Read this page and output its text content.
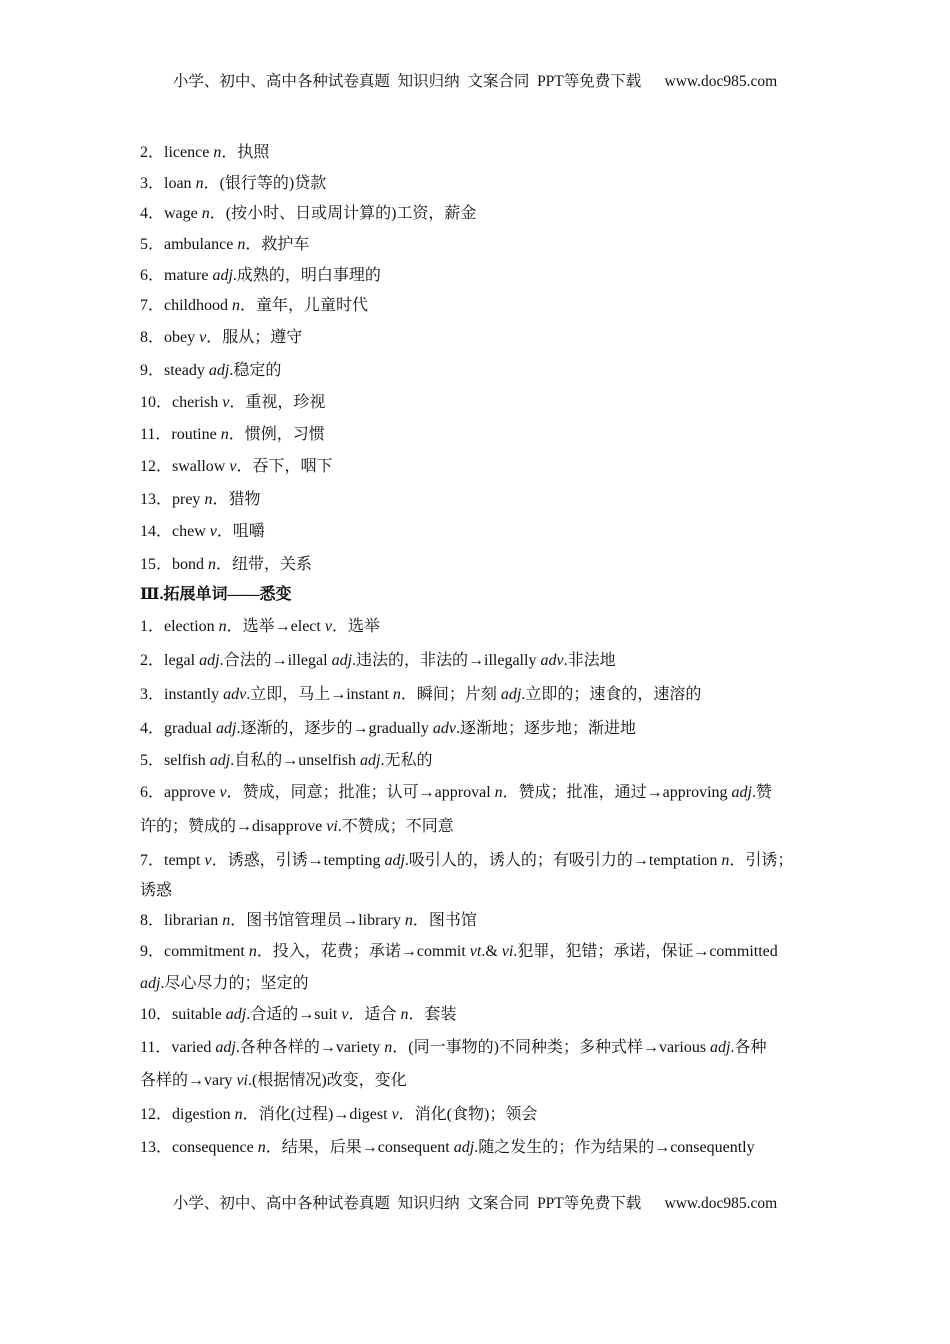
小学、初中、高中各种试卷真题  知识归纳  文案合同  PPT等免费下载      www.doc985.com
2．licence n．执照
3．loan n．(银行等的)贷款
4．wage n．(按小时、日或周计算的)工资，薪金
5．ambulance n．救护车
6．mature adj.成熟的，明白事理的
7．childhood n．童年，儿童时代
8．obey v．服从；遵守
9．steady adj.稳定的
10．cherish v．重视，珍视
11．routine n．惯例，习惯
12．swallow v．吞下，咽下
13．prey n．猎物
14．chew v．咀嚼
15．bond n．纽带，关系
Ⅲ.拓展单词——悉变
1．election n．选举→elect v．选举
2．legal adj.合法的→illegal adj.违法的，非法的→illegally adv.非法地
3．instantly adv.立即，马上→instant n．瞬间；片刻 adj.立即的；速食的，速溶的
4．gradual adj.逐渐的，逐步的→gradually adv.逐渐地；逐步地；渐进地
5．selfish adj.自私的→unselfish adj.无私的
6．approve v．赞成，同意；批准；认可→approval n．赞成；批准，通过→approving adj.赞
许的；赞成的→disapprove vi.不赞成；不同意
7．tempt v．诱惑，引诱→tempting adj.吸引人的，诱人的；有吸引力的→temptation n．引诱；
诱惑
8．librarian n．图书馆管理员→library n．图书馆
9．commitment n．投入，花费；承诺→commit vt.& vi.犯罪，犯错；承诺，保证→committed
adj.尽心尽力的；坚定的
10．suitable adj.合适的→suit v．适合 n．套装
11．varied adj.各种各样的→variety n．(同一事物的)不同种类；多种式样→various adj.各种
各样的→vary vi.(根据情况)改变，变化
12．digestion n．消化(过程)→digest v．消化(食物)；领会
13．consequence n．结果，后果→consequent adj.随之发生的；作为结果的→consequently
小学、初中、高中各种试卷真题  知识归纳  文案合同  PPT等免费下载      www.doc985.com
